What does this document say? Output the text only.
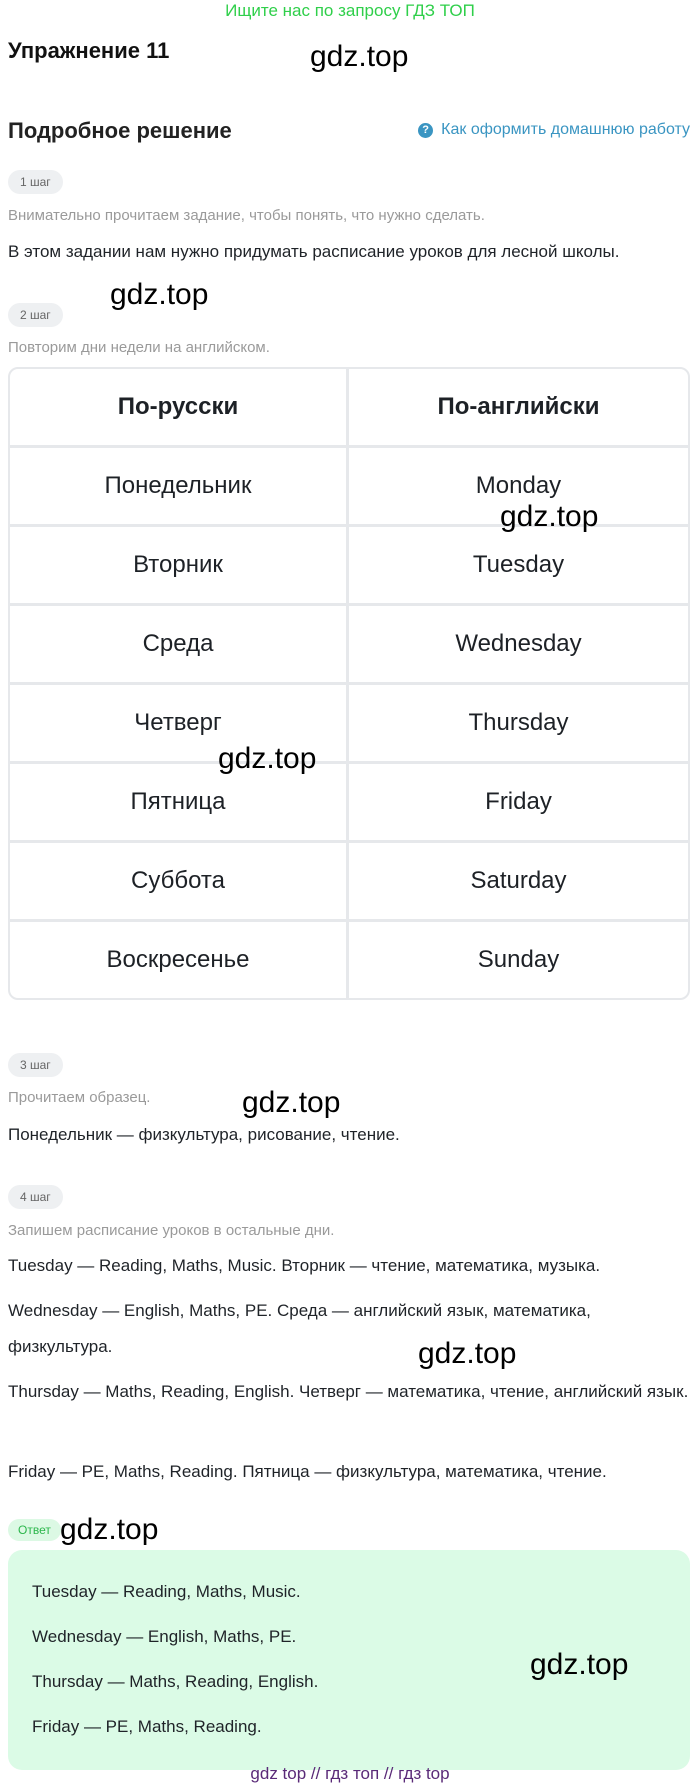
Ищите нас по запросу ГДЗ ТОП
Упражнение 11	gdz.top
Подробное решение	? Как оформить домашнюю работу
1 шаг
Внимательно прочитаем задание, чтобы понять, что нужно сделать.
В этом задании нам нужно придумать расписание уроков для лесной школы.
2 шаг
gdz.top
Повторим дни недели на английском.
По-русски	По-английски
Понедельник	Monday
Вторник	Tuesday
Среда	Wednesday
Четверг	Thursday
Пятница	Friday
Суббота	Saturday
Воскресенье	Sunday
gdz.top
gdz.top
3 шаг
Прочитаем образец.	gdz.top
Понедельник — физкультура, рисование, чтение.
4 шаг
Запишем расписание уроков в остальные дни.
Tuesday — Reading, Maths, Music. Вторник — чтение, математика, музыка.
Wednesday — English, Maths, PE. Среда — английский язык, математика, физкультура.	gdz.top
Thursday — Maths, Reading, English. Четверг — математика, чтение, английский язык.
Friday — PE, Maths, Reading. Пятница — физкультура, математика, чтение.
Ответ gdz.top
Tuesday — Reading, Maths, Music.
Wednesday — English, Maths, PE.
Thursday — Maths, Reading, English.
Friday — PE, Maths, Reading.
gdz.top
gdz top // гдз топ // гдз top
